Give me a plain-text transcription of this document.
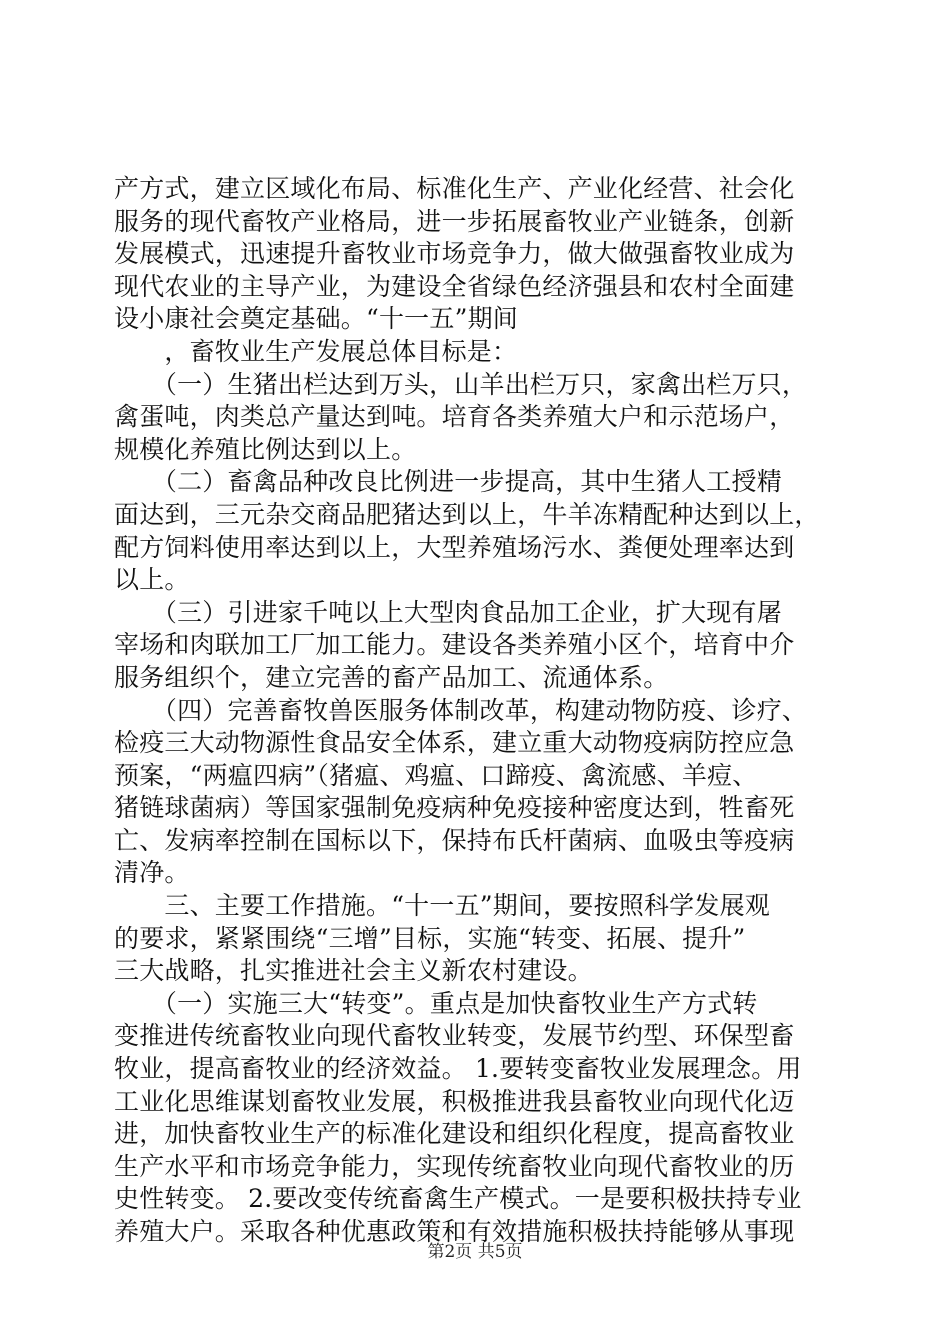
产方式，建立区域化布局、标准化生产、产业化经营、社会化
服务的现代畜牧产业格局，进一步拓展畜牧业产业链条，创新
发展模式，迅速提升畜牧业市场竞争力，做大做强畜牧业成为
现代农业的主导产业，为建设全省绿色经济强县和农村全面建
设小康社会奠定基础。“十一五”期间
　　，畜牧业生产发展总体目标是：
　　（一）生猪出栏达到万头，山羊出栏万只，家禽出栏万只，
禽蛋吨，肉类总产量达到吨。培育各类养殖大户和示范场户，
规模化养殖比例达到以上。
　　（二）畜禽品种改良比例进一步提高，其中生猪人工授精
面达到，三元杂交商品肥猪达到以上，牛羊冻精配种达到以上，
配方饲料使用率达到以上，大型养殖场污水、粪便处理率达到
以上。
　　（三）引进家千吨以上大型肉食品加工企业，扩大现有屠
宰场和肉联加工厂加工能力。建设各类养殖小区个，培育中介
服务组织个，建立完善的畜产品加工、流通体系。
　　（四）完善畜牧兽医服务体制改革，构建动物防疫、诊疗、
检疫三大动物源性食品安全体系，建立重大动物疫病防控应急
预案，“两瘟四病”（猪瘟、鸡瘟、口蹄疫、禽流感、羊痘、
猪链球菌病）等国家强制免疫病种免疫接种密度达到，牲畜死
亡、发病率控制在国标以下，保持布氏杆菌病、血吸虫等疫病
清净。
　　三、主要工作措施。“十一五”期间，要按照科学发展观
的要求，紧紧围绕“三增”目标，实施“转变、拓展、提升”
三大战略，扎实推进社会主义新农村建设。
　　（一）实施三大“转变”。重点是加快畜牧业生产方式转
变推进传统畜牧业向现代畜牧业转变，发展节约型、环保型畜
牧业，提高畜牧业的经济效益。 1.要转变畜牧业发展理念。用
工业化思维谋划畜牧业发展，积极推进我县畜牧业向现代化迈
进，加快畜牧业生产的标准化建设和组织化程度，提高畜牧业
生产水平和市场竞争能力，实现传统畜牧业向现代畜牧业的历
史性转变。 2.要改变传统畜禽生产模式。一是要积极扶持专业
养殖大户。采取各种优惠政策和有效措施积极扶持能够从事现
第2页 共5页
